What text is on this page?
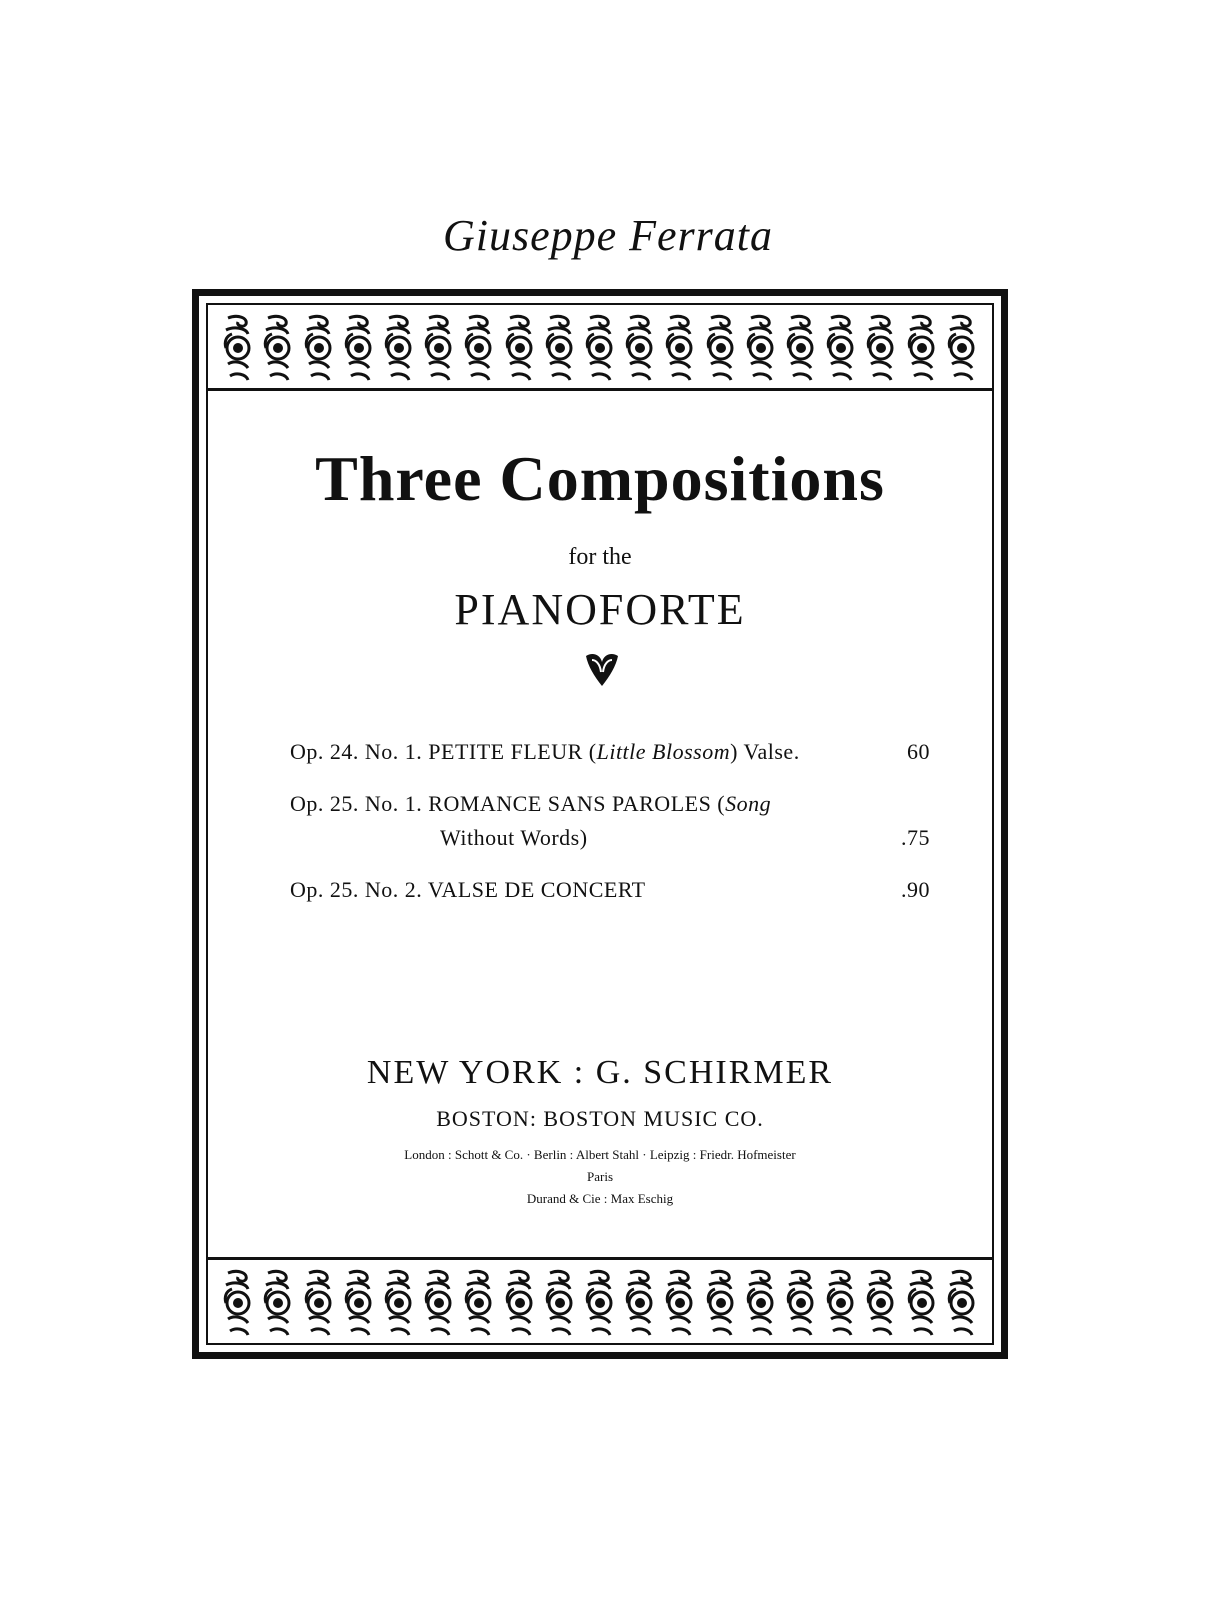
Giuseppe Ferrata
Three Compositions
for the
PIANOFORTE
Op. 24. No. 1. PETITE FLEUR (Little Blossom) Valse.	60
Op. 25. No. 1. ROMANCE SANS PAROLES (Song
Without Words)	.75
Op. 25. No. 2. VALSE DE CONCERT	.90
NEW YORK : G. SCHIRMER
BOSTON: BOSTON MUSIC CO.
London : Schott & Co. · Berlin : Albert Stahl · Leipzig : Friedr. Hofmeister
Paris
Durand & Cie : Max Eschig
